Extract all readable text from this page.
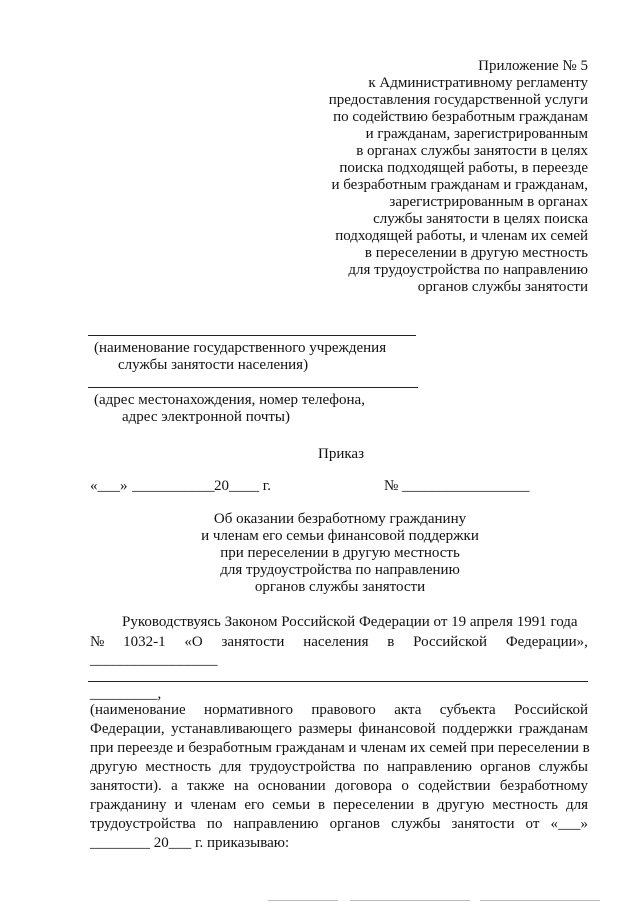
Приложение № 5
к Административному регламенту
предоставления государственной услуги
по содействию безработным гражданам
и гражданам, зарегистрированным
в органах службы занятости в целях
поиска подходящей работы, в переезде
и безработным гражданам и гражданам,
зарегистрированным в органах
службы занятости в целях поиска
подходящей работы, и членам их семей
в переселении в другую местность
для трудоустройства по направлению
органов службы занятости
(наименование государственного учреждения
службы занятости населения)
(адрес местонахождения, номер телефона,
адрес электронной почты)
Приказ
«___» ___________ 20____ г.	№ _________________
Об оказании безработному гражданину
и членам его семьи финансовой поддержки
при переселении в другую местность
для трудоустройства по направлению
органов службы занятости
Руководствуясь Законом Российской Федерации от 19 апреля 1991 года
№ 1032-1 «О занятости населения в Российской Федерации»,
_________________
_________,
(наименование нормативного правового акта субъекта Российской
Федерации, устанавливающего размеры финансовой поддержки гражданам
при переезде и безработным гражданам и членам их семей при переселении в
другую местность для трудоустройства по направлению органов службы
занятости). а также на основании договора о содействии безработному
гражданину и членам его семьи в переселении в другую местность для
трудоустройства по направлению органов службы занятости от «___»
________ 20___ г. приказываю:
